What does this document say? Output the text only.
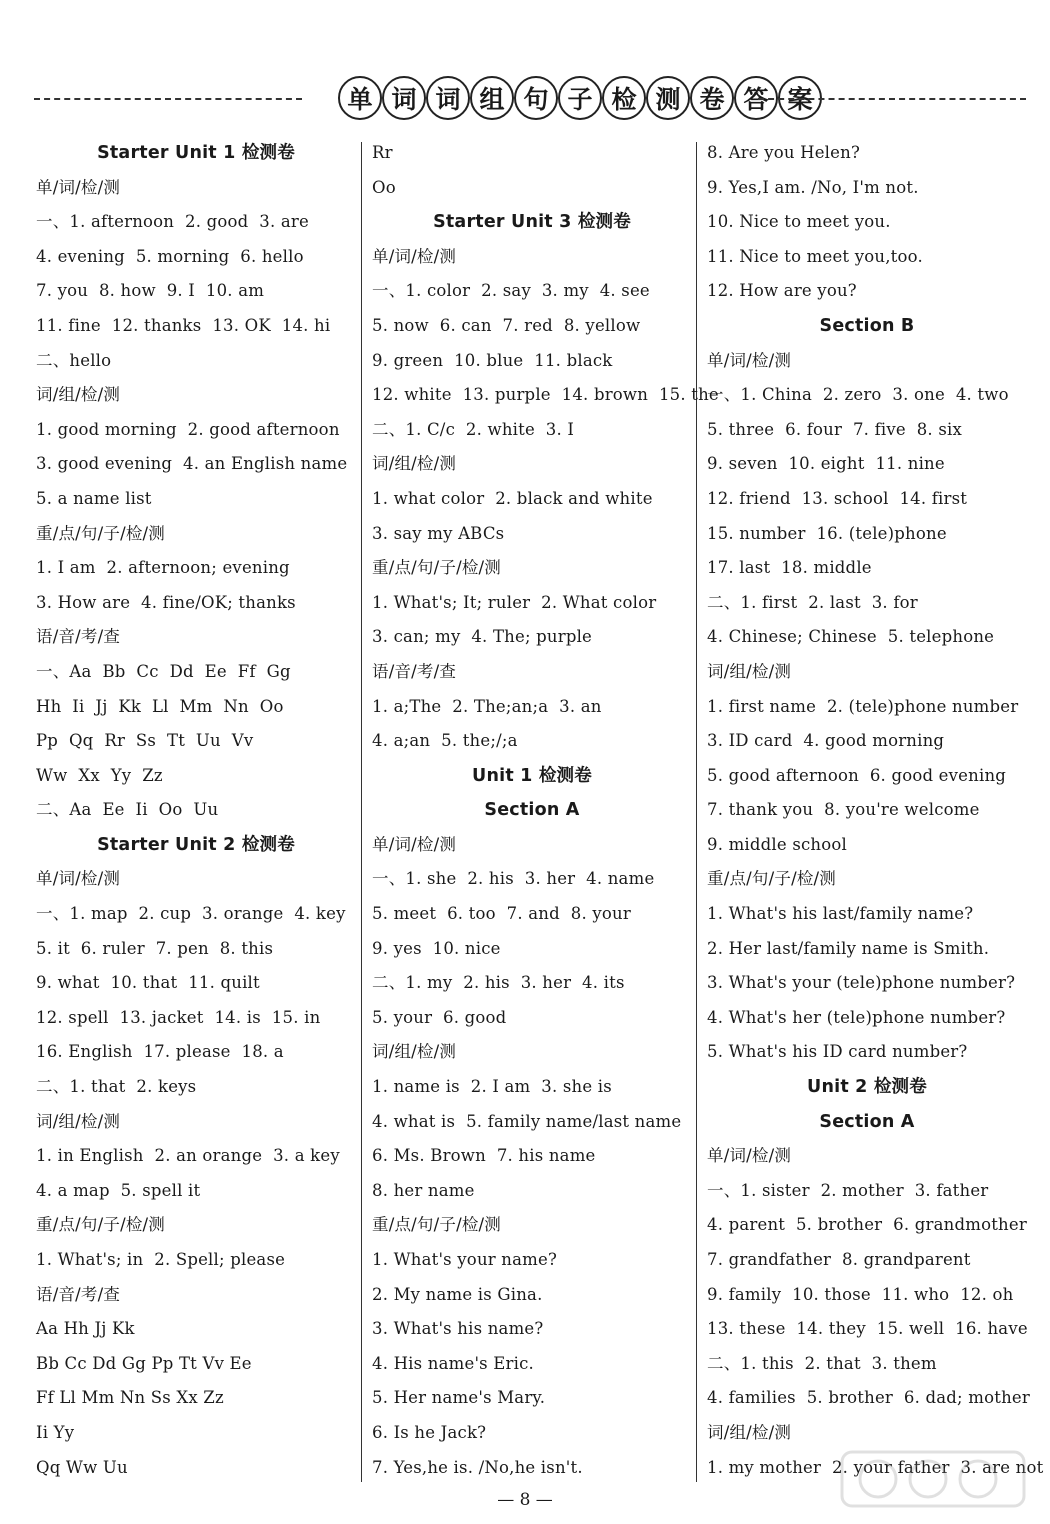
单 词 词 组 句 子 检 测 卷 答 案
Starter Unit 1 检测卷
单/词/检/测
一、1. afternoon  2. good  3. are
4. evening  5. morning  6. hello
7. you  8. how  9. I  10. am
11. fine  12. thanks  13. OK  14. hi
二、hello
词/组/检/测
1. good morning  2. good afternoon
3. good evening  4. an English name
5. a name list
重/点/句/子/检/测
1. I am  2. afternoon; evening
3. How are  4. fine/OK; thanks
语/音/考/查
一、Aa  Bb  Cc  Dd  Ee  Ff  Gg
Hh  Ii  Jj  Kk  Ll  Mm  Nn  Oo
Pp  Qq  Rr  Ss  Tt  Uu  Vv
Ww  Xx  Yy  Zz
二、Aa  Ee  Ii  Oo  Uu
Starter Unit 2 检测卷
单/词/检/测
一、1. map  2. cup  3. orange  4. key
5. it  6. ruler  7. pen  8. this
9. what  10. that  11. quilt
12. spell  13. jacket  14. is  15. in
16. English  17. please  18. a
二、1. that  2. keys
词/组/检/测
1. in English  2. an orange  3. a key
4. a map  5. spell it
重/点/句/子/检/测
1. What's; in  2. Spell; please
语/音/考/查
Aa Hh Jj Kk
Bb Cc Dd Gg Pp Tt Vv Ee
Ff Ll Mm Nn Ss Xx Zz
Ii Yy
Qq Ww Uu
Rr
Oo
Starter Unit 3 检测卷
单/词/检/测
一、1. color  2. say  3. my  4. see
5. now  6. can  7. red  8. yellow
9. green  10. blue  11. black
12. white  13. purple  14. brown  15. the
二、1. C/c  2. white  3. I
词/组/检/测
1. what color  2. black and white
3. say my ABCs
重/点/句/子/检/测
1. What's; It; ruler  2. What color
3. can; my  4. The; purple
语/音/考/查
1. a;The  2. The;an;a  3. an
4. a;an  5. the;/;a
Unit 1 检测卷
Section A
单/词/检/测
一、1. she  2. his  3. her  4. name
5. meet  6. too  7. and  8. your
9. yes  10. nice
二、1. my  2. his  3. her  4. its
5. your  6. good
词/组/检/测
1. name is  2. I am  3. she is
4. what is  5. family name/last name
6. Ms. Brown  7. his name
8. her name
重/点/句/子/检/测
1. What's your name?
2. My name is Gina.
3. What's his name?
4. His name's Eric.
5. Her name's Mary.
6. Is he Jack?
7. Yes,he is. /No,he isn't.
8. Are you Helen?
9. Yes,I am. /No, I'm not.
10. Nice to meet you.
11. Nice to meet you,too.
12. How are you?
Section B
单/词/检/测
一、1. China  2. zero  3. one  4. two
5. three  6. four  7. five  8. six
9. seven  10. eight  11. nine
12. friend  13. school  14. first
15. number  16. (tele)phone
17. last  18. middle
二、1. first  2. last  3. for
4. Chinese; Chinese  5. telephone
词/组/检/测
1. first name  2. (tele)phone number
3. ID card  4. good morning
5. good afternoon  6. good evening
7. thank you  8. you're welcome
9. middle school
重/点/句/子/检/测
1. What's his last/family name?
2. Her last/family name is Smith.
3. What's your (tele)phone number?
4. What's her (tele)phone number?
5. What's his ID card number?
Unit 2 检测卷
Section A
单/词/检/测
一、1. sister  2. mother  3. father
4. parent  5. brother  6. grandmother
7. grandfather  8. grandparent
9. family  10. those  11. who  12. oh
13. these  14. they  15. well  16. have
二、1. this  2. that  3. them
4. families  5. brother  6. dad; mother
词/组/检/测
1. my mother  2. your father  3. are not
— 8 —
